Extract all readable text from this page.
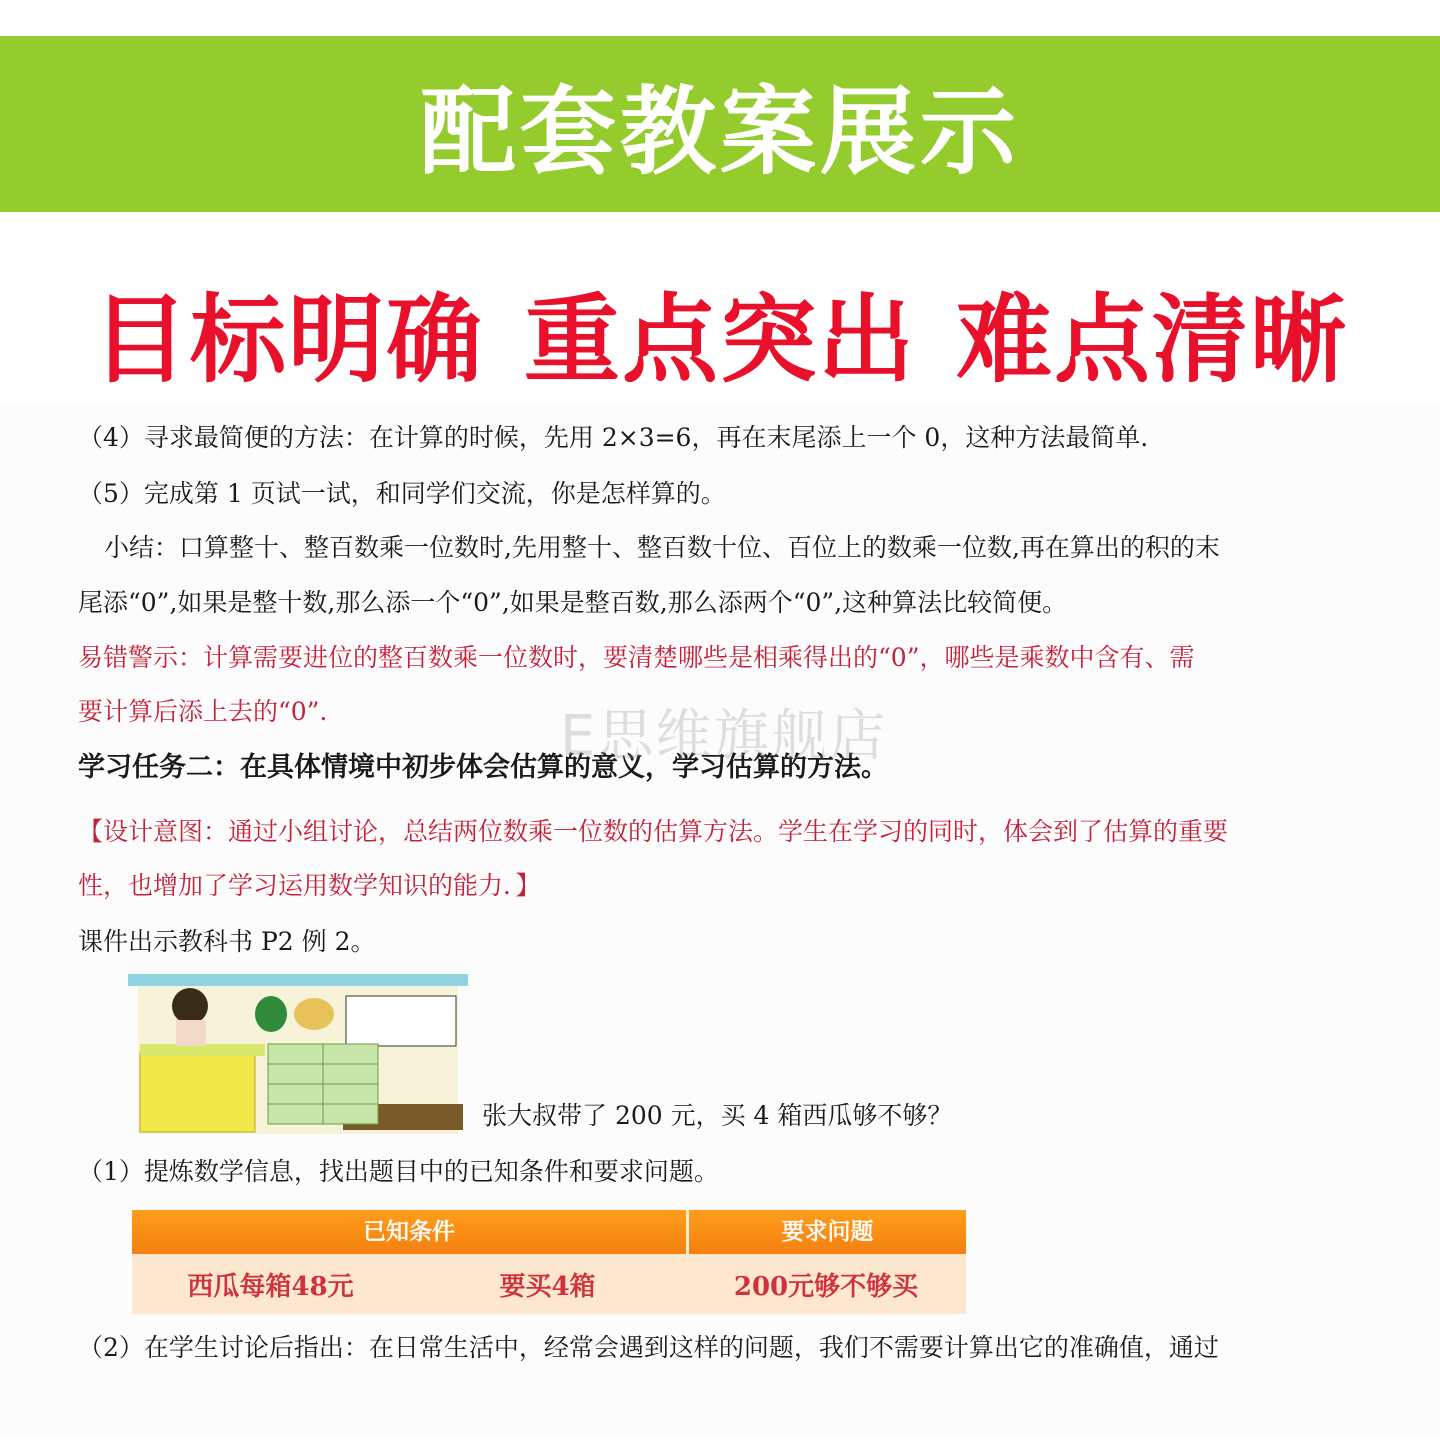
配套教案展示
目标明确 重点突出 难点清晰
（4）寻求最简便的方法：在计算的时候，先用 2×3=6，再在末尾添上一个 0，这种方法最简单．
（5）完成第 1 页试一试，和同学们交流，你是怎样算的。
小结：口算整十、整百数乘一位数时,先用整十、整百数十位、百位上的数乘一位数,再在算出的积的末
尾添“0”,如果是整十数,那么添一个“0”,如果是整百数,那么添两个“0”,这种算法比较简便。
易错警示：计算需要进位的整百数乘一位数时，要清楚哪些是相乘得出的“0”，哪些是乘数中含有、需
要计算后添上去的“0”．
学习任务二：在具体情境中初步体会估算的意义，学习估算的方法。
E思维旗舰店
【设计意图：通过小组讨论，总结两位数乘一位数的估算方法。学生在学习的同时，体会到了估算的重要
性，也增加了学习运用数学知识的能力．】
课件出示教科书 P2 例 2。
张大叔带了 200 元，买 4 箱西瓜够不够？
（1）提炼数学信息，找出题目中的已知条件和要求问题。
已知条件	要求问题
西瓜每箱48元	要买4箱	200元够不够买
（2）在学生讨论后指出：在日常生活中，经常会遇到这样的问题，我们不需要计算出它的准确值，通过
